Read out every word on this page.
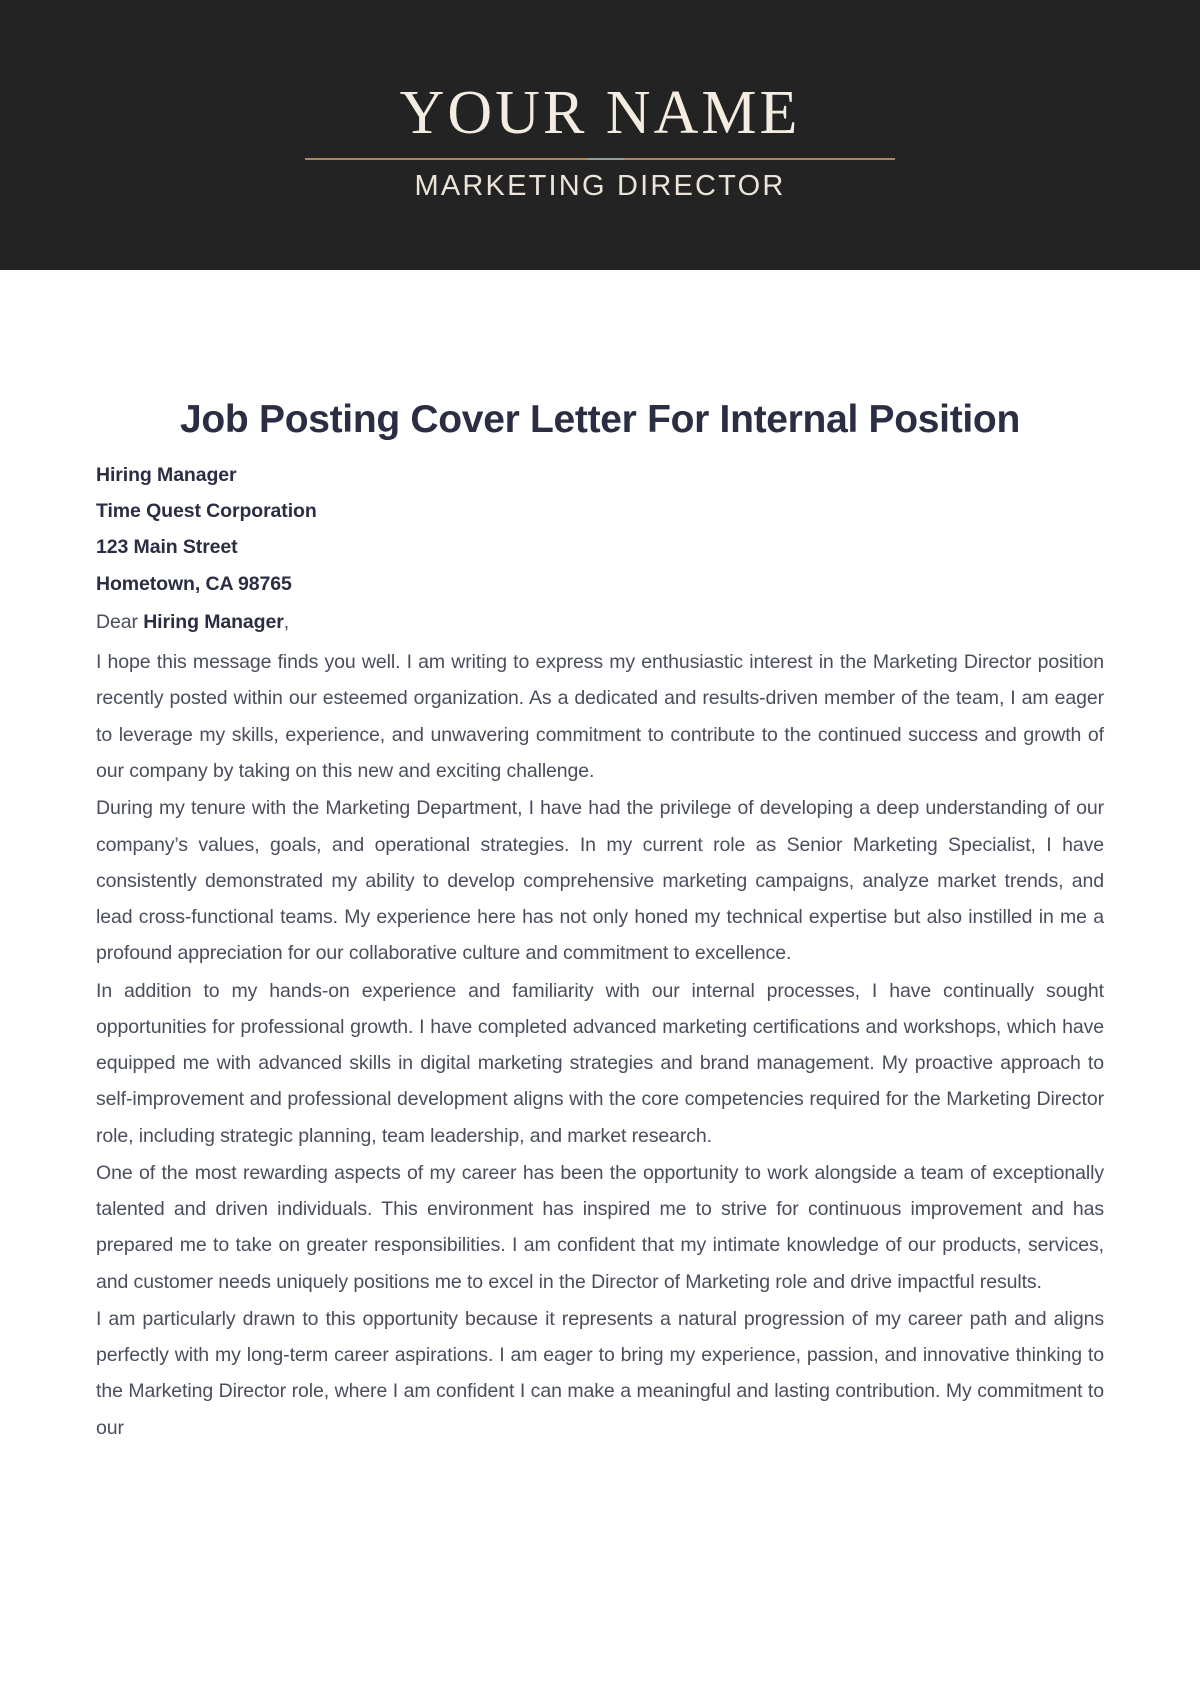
YOUR NAME
MARKETING DIRECTOR
Job Posting Cover Letter For Internal Position
Hiring Manager
Time Quest Corporation
123 Main Street
Hometown, CA 98765
Dear Hiring Manager,

I hope this message finds you well. I am writing to express my enthusiastic interest in the Marketing Director position recently posted within our esteemed organization. As a dedicated and results-driven member of the team, I am eager to leverage my skills, experience, and unwavering commitment to contribute to the continued success and growth of our company by taking on this new and exciting challenge.

During my tenure with the Marketing Department, I have had the privilege of developing a deep understanding of our company’s values, goals, and operational strategies. In my current role as Senior Marketing Specialist, I have consistently demonstrated my ability to develop comprehensive marketing campaigns, analyze market trends, and lead cross-functional teams. My experience here has not only honed my technical expertise but also instilled in me a profound appreciation for our collaborative culture and commitment to excellence.

In addition to my hands-on experience and familiarity with our internal processes, I have continually sought opportunities for professional growth. I have completed advanced marketing certifications and workshops, which have equipped me with advanced skills in digital marketing strategies and brand management. My proactive approach to self-improvement and professional development aligns with the core competencies required for the Marketing Director role, including strategic planning, team leadership, and market research.

One of the most rewarding aspects of my career has been the opportunity to work alongside a team of exceptionally talented and driven individuals. This environment has inspired me to strive for continuous improvement and has prepared me to take on greater responsibilities. I am confident that my intimate knowledge of our products, services, and customer needs uniquely positions me to excel in the Director of Marketing role and drive impactful results.

I am particularly drawn to this opportunity because it represents a natural progression of my career path and aligns perfectly with my long-term career aspirations. I am eager to bring my experience, passion, and innovative thinking to the Marketing Director role, where I am confident I can make a meaningful and lasting contribution. My commitment to our
